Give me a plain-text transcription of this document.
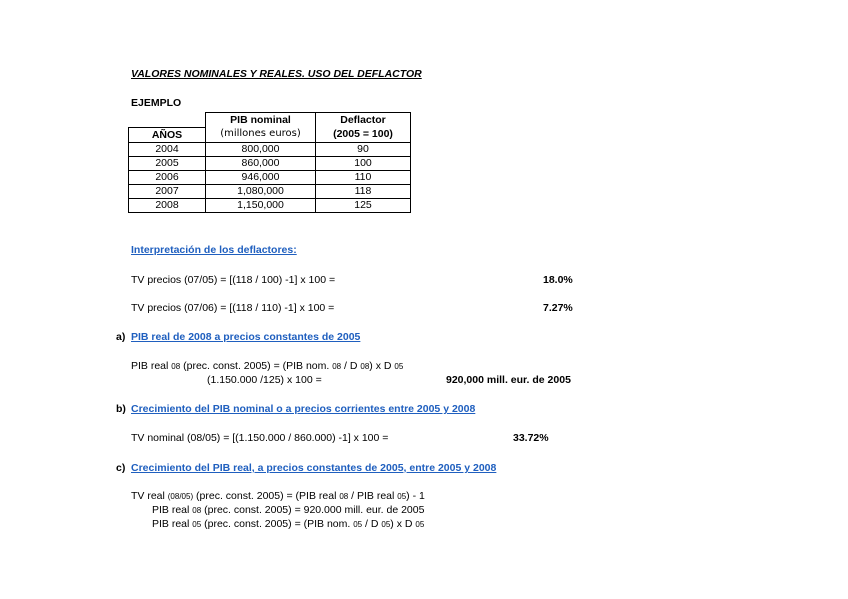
VALORES NOMINALES Y REALES. USO DEL DEFLACTOR
EJEMPLO
	PIB nominal	Deflactor
AÑOS	(millones euros)	(2005 = 100)
2004	800,000	90
2005	860,000	100
2006	946,000	110
2007	1,080,000	118
2008	1,150,000	125
Interpretación de los deflactores:
TV precios (07/05) = [(118 / 100) -1] x 100 =	18.0%
TV precios (07/06) = [(118 / 110) -1] x 100 =	7.27%
a) PIB real de 2008 a precios constantes de 2005
PIB real 08 (prec. const. 2005) = (PIB nom. 08 / D 08) x D 05
(1.150.000 /125) x 100 =	920,000 mill. eur. de 2005
b) Crecimiento del PIB nominal o a precios corrientes entre 2005 y 2008
TV nominal (08/05) = [(1.150.000 / 860.000) -1] x 100 =	33.72%
c) Crecimiento del PIB real, a precios constantes de 2005, entre 2005 y 2008
TV real (08/05) (prec. const. 2005) = (PIB real 08 / PIB real 05) - 1
PIB real 08 (prec. const. 2005) = 920.000 mill. eur. de 2005
PIB real 05 (prec. const. 2005) = (PIB nom. 05 / D 05) x D 05
